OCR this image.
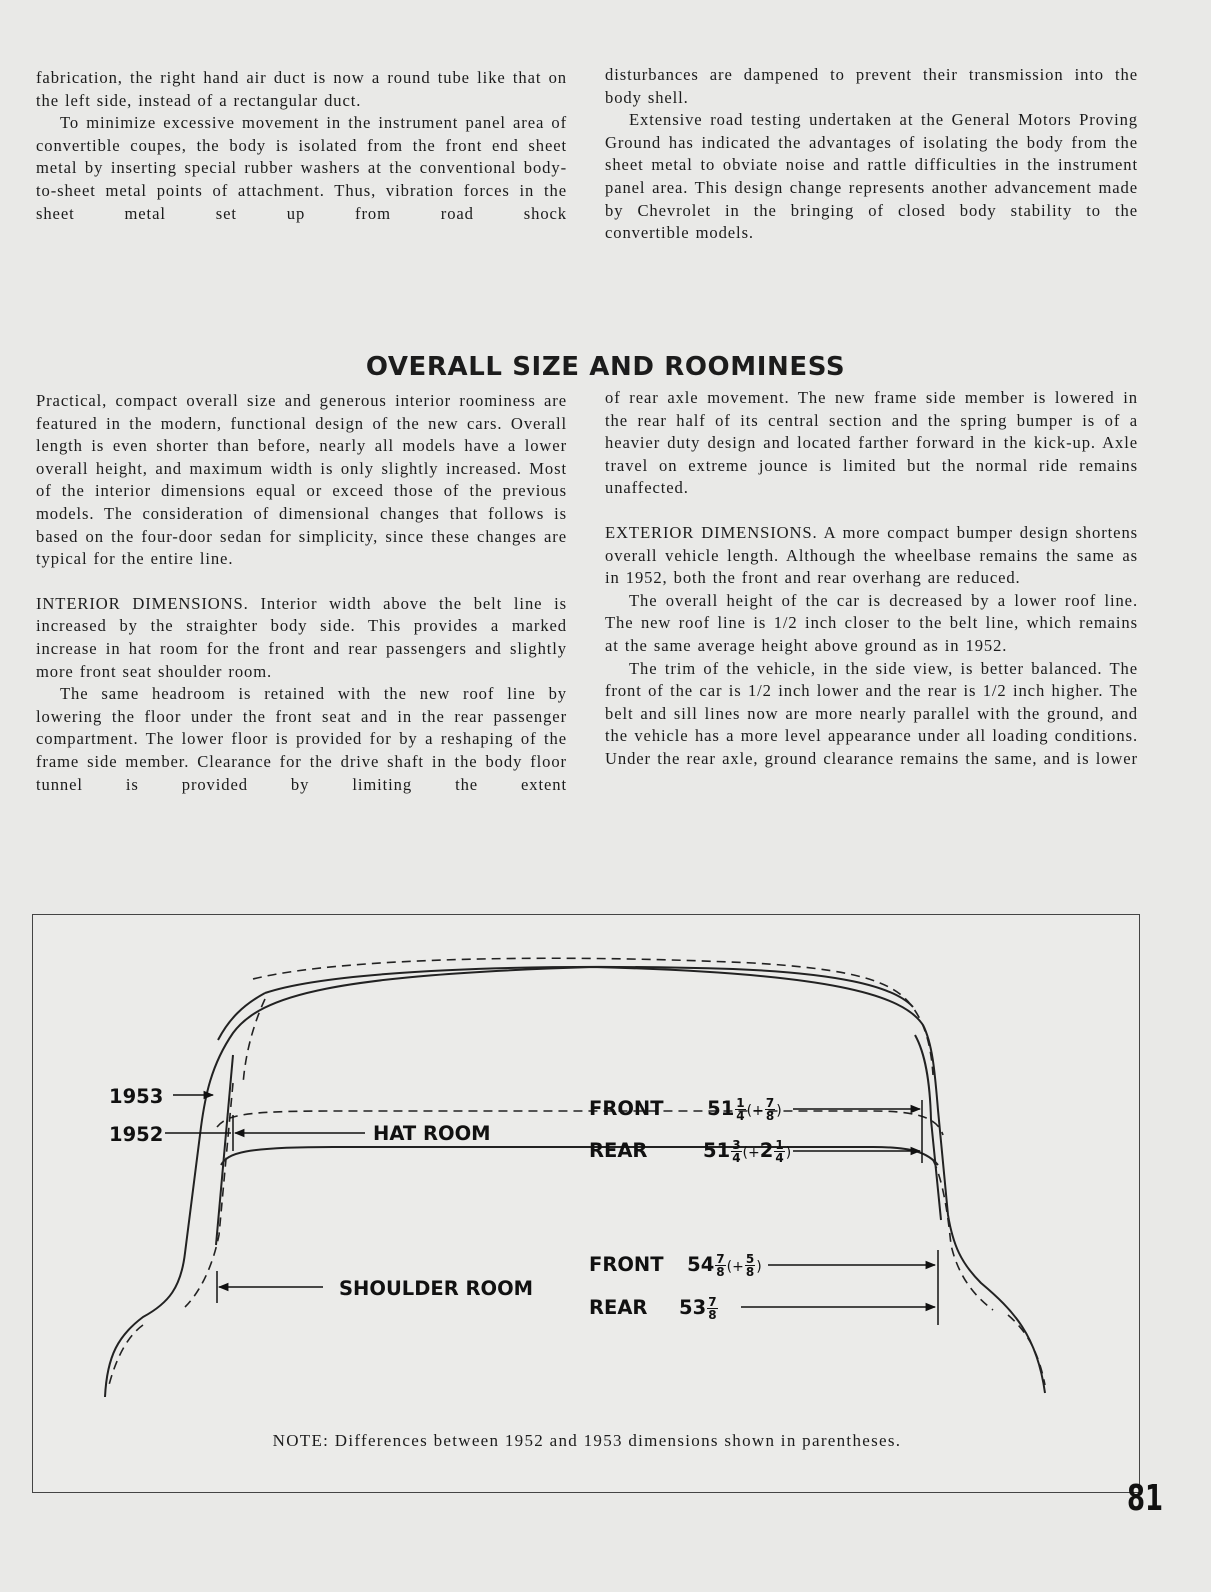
fabrication, the right hand air duct is now a round tube like that on the left side, instead of a rectangular duct.

To minimize excessive movement in the instrument panel area of convertible coupes, the body is isolated from the front end sheet metal by inserting special rubber washers at the conventional body-to-sheet metal points of attachment. Thus, vibration forces in the sheet metal set up from road shock

disturbances are dampened to prevent their transmission into the body shell.

Extensive road testing undertaken at the General Motors Proving Ground has indicated the advantages of isolating the body from the sheet metal to obviate noise and rattle difficulties in the instrument panel area. This design change represents another advancement made by Chevrolet in the bringing of closed body stability to the convertible models.

OVERALL SIZE AND ROOMINESS

Practical, compact overall size and generous interior roominess are featured in the modern, functional design of the new cars. Overall length is even shorter than before, nearly all models have a lower overall height, and maximum width is only slightly increased. Most of the interior dimensions equal or exceed those of the previous models. The consideration of dimensional changes that follows is based on the four-door sedan for simplicity, since these changes are typical for the entire line.

INTERIOR DIMENSIONS. Interior width above the belt line is increased by the straighter body side. This provides a marked increase in hat room for the front and rear passengers and slightly more front seat shoulder room.

The same headroom is retained with the new roof line by lowering the floor under the front seat and in the rear passenger compartment. The lower floor is provided for by a reshaping of the frame side member. Clearance for the drive shaft in the body floor tunnel is provided by limiting the extent

of rear axle movement. The new frame side member is lowered in the rear half of its central section and the spring bumper is of a heavier duty design and located farther forward in the kick-up. Axle travel on extreme jounce is limited but the normal ride remains unaffected.

EXTERIOR DIMENSIONS. A more compact bumper design shortens overall vehicle length. Although the wheelbase remains the same as in 1952, both the front and rear overhang are reduced.

The overall height of the car is decreased by a lower roof line. The new roof line is 1/2 inch closer to the belt line, which remains at the same average height above ground as in 1952.

The trim of the vehicle, in the side view, is better balanced. The front of the car is 1/2 inch lower and the rear is 1/2 inch higher. The belt and sill lines now are more nearly parallel with the ground, and the vehicle has a more level appearance under all loading conditions. Under the rear axle, ground clearance remains the same, and is lower

1953
1952	HAT ROOM
SHOULDER ROOM
FRONT $51 \frac{1}{4}$ (+ $\frac{7}{8}$ )
REAR	$51 \frac{3}{4} (+2 \frac{1}{4}$ )
FRONT $54 \frac{7}{8}$ (+ $\frac{5}{8}$ )
REAR $53 \frac{7}{8}$
NOTE: Differences between 1952 and 1953 dimensions shown in parentheses.
81
